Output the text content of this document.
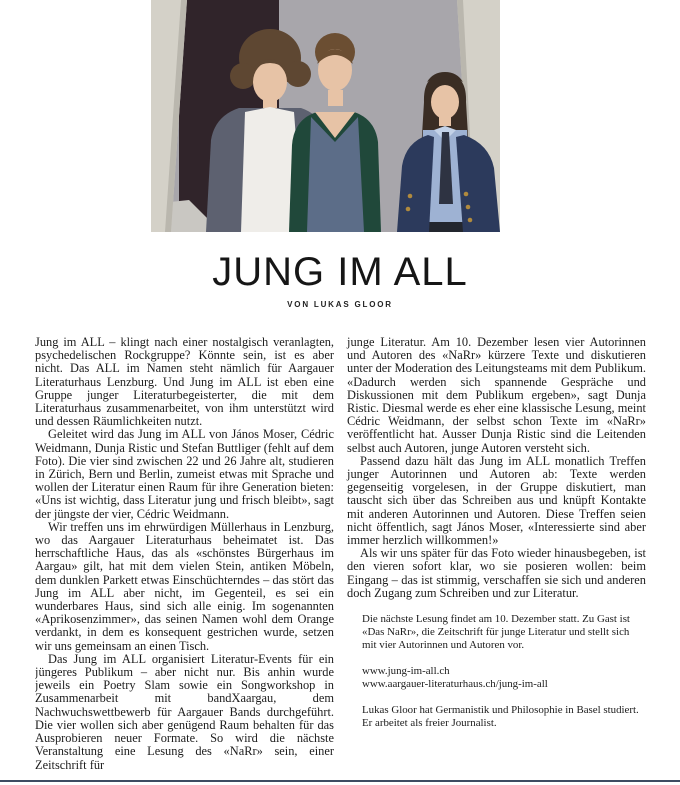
JUNG IM ALL
VON LUKAS GLOOR

Jung im ALL – klingt nach einer nostalgisch veranlagten, psychedelischen Rockgruppe? Könnte sein, ist es aber nicht. Das ALL im Namen steht nämlich für Aargauer Literaturhaus Lenzburg. Und Jung im ALL ist eben eine Gruppe junger Literaturbegeisterter, die mit dem Literaturhaus zusammenarbeitet, von ihm unterstützt wird und dessen Räumlichkeiten nutzt.

Geleitet wird das Jung im ALL von János Moser, Cédric Weidmann, Dunja Ristic und Stefan Buttliger (fehlt auf dem Foto). Die vier sind zwischen 22 und 26 Jahre alt, studieren in Zürich, Bern und Berlin, zumeist etwas mit Sprache und wollen der Literatur einen Raum für ihre Generation bieten: «Uns ist wichtig, dass Literatur jung und frisch bleibt», sagt der jüngste der vier, Cédric Weidmann.

Wir treffen uns im ehrwürdigen Müllerhaus in Lenzburg, wo das Aargauer Literaturhaus beheimatet ist. Das herrschaftliche Haus, das als «schönstes Bürgerhaus im Aargau» gilt, hat mit dem vielen Stein, antiken Möbeln, dem dunklen Parkett etwas Einschüchterndes – das stört das Jung im ALL aber nicht, im Gegenteil, es sei ein wunderbares Haus, sind sich alle einig. Im sogenannten «Aprikosenzimmer», das seinen Namen wohl dem Orange verdankt, in dem es konsequent gestrichen wurde, setzen wir uns gemeinsam an einen Tisch.

Das Jung im ALL organisiert Literatur-Events für ein jüngeres Publikum – aber nicht nur. Bis anhin wurde jeweils ein Poetry Slam sowie ein Songworkshop in Zusammenarbeit mit bandXaargau, dem Nachwuchswettbewerb für Aargauer Bands durchgeführt. Die vier wollen sich aber genügend Raum behalten für das Ausprobieren neuer Formate. So wird die nächste Veranstaltung eine Lesung des «NaRr» sein, einer Zeitschrift für

junge Literatur. Am 10. Dezember lesen vier Autorinnen und Autoren des «NaRr» kürzere Texte und diskutieren unter der Moderation des Leitungsteams mit dem Publikum. «Dadurch werden sich spannende Gespräche und Diskussionen mit dem Publikum ergeben», sagt Dunja Ristic. Diesmal werde es eher eine klassische Lesung, meint Cédric Weidmann, der selbst schon Texte im «NaRr» veröffentlicht hat. Ausser Dunja Ristic sind die Leitenden selbst auch Autoren, junge Autoren versteht sich.

Passend dazu hält das Jung im ALL monatlich Treffen junger Autorinnen und Autoren ab: Texte werden gegenseitig vorgelesen, in der Gruppe diskutiert, man tauscht sich über das Schreiben aus und knüpft Kontakte mit anderen Autorinnen und Autoren. Diese Treffen seien nicht öffentlich, sagt János Moser, «Interessierte sind aber immer herzlich willkommen!»

Als wir uns später für das Foto wieder hinausbegeben, ist den vieren sofort klar, wo sie posieren wollen: beim Eingang – das ist stimmig, verschaffen sie sich und anderen doch Zugang zum Schreiben und zur Literatur.

Die nächste Lesung findet am 10. Dezember statt. Zu Gast ist «Das NaRr», die Zeitschrift für junge Literatur und stellt sich mit vier Autorinnen und Autoren vor.
www.jung-im-all.ch
www.aargauer-literaturhaus.ch/jung-im-all
Lukas Gloor hat Germanistik und Philosophie in Basel studiert. Er arbeitet als freier Journalist.
